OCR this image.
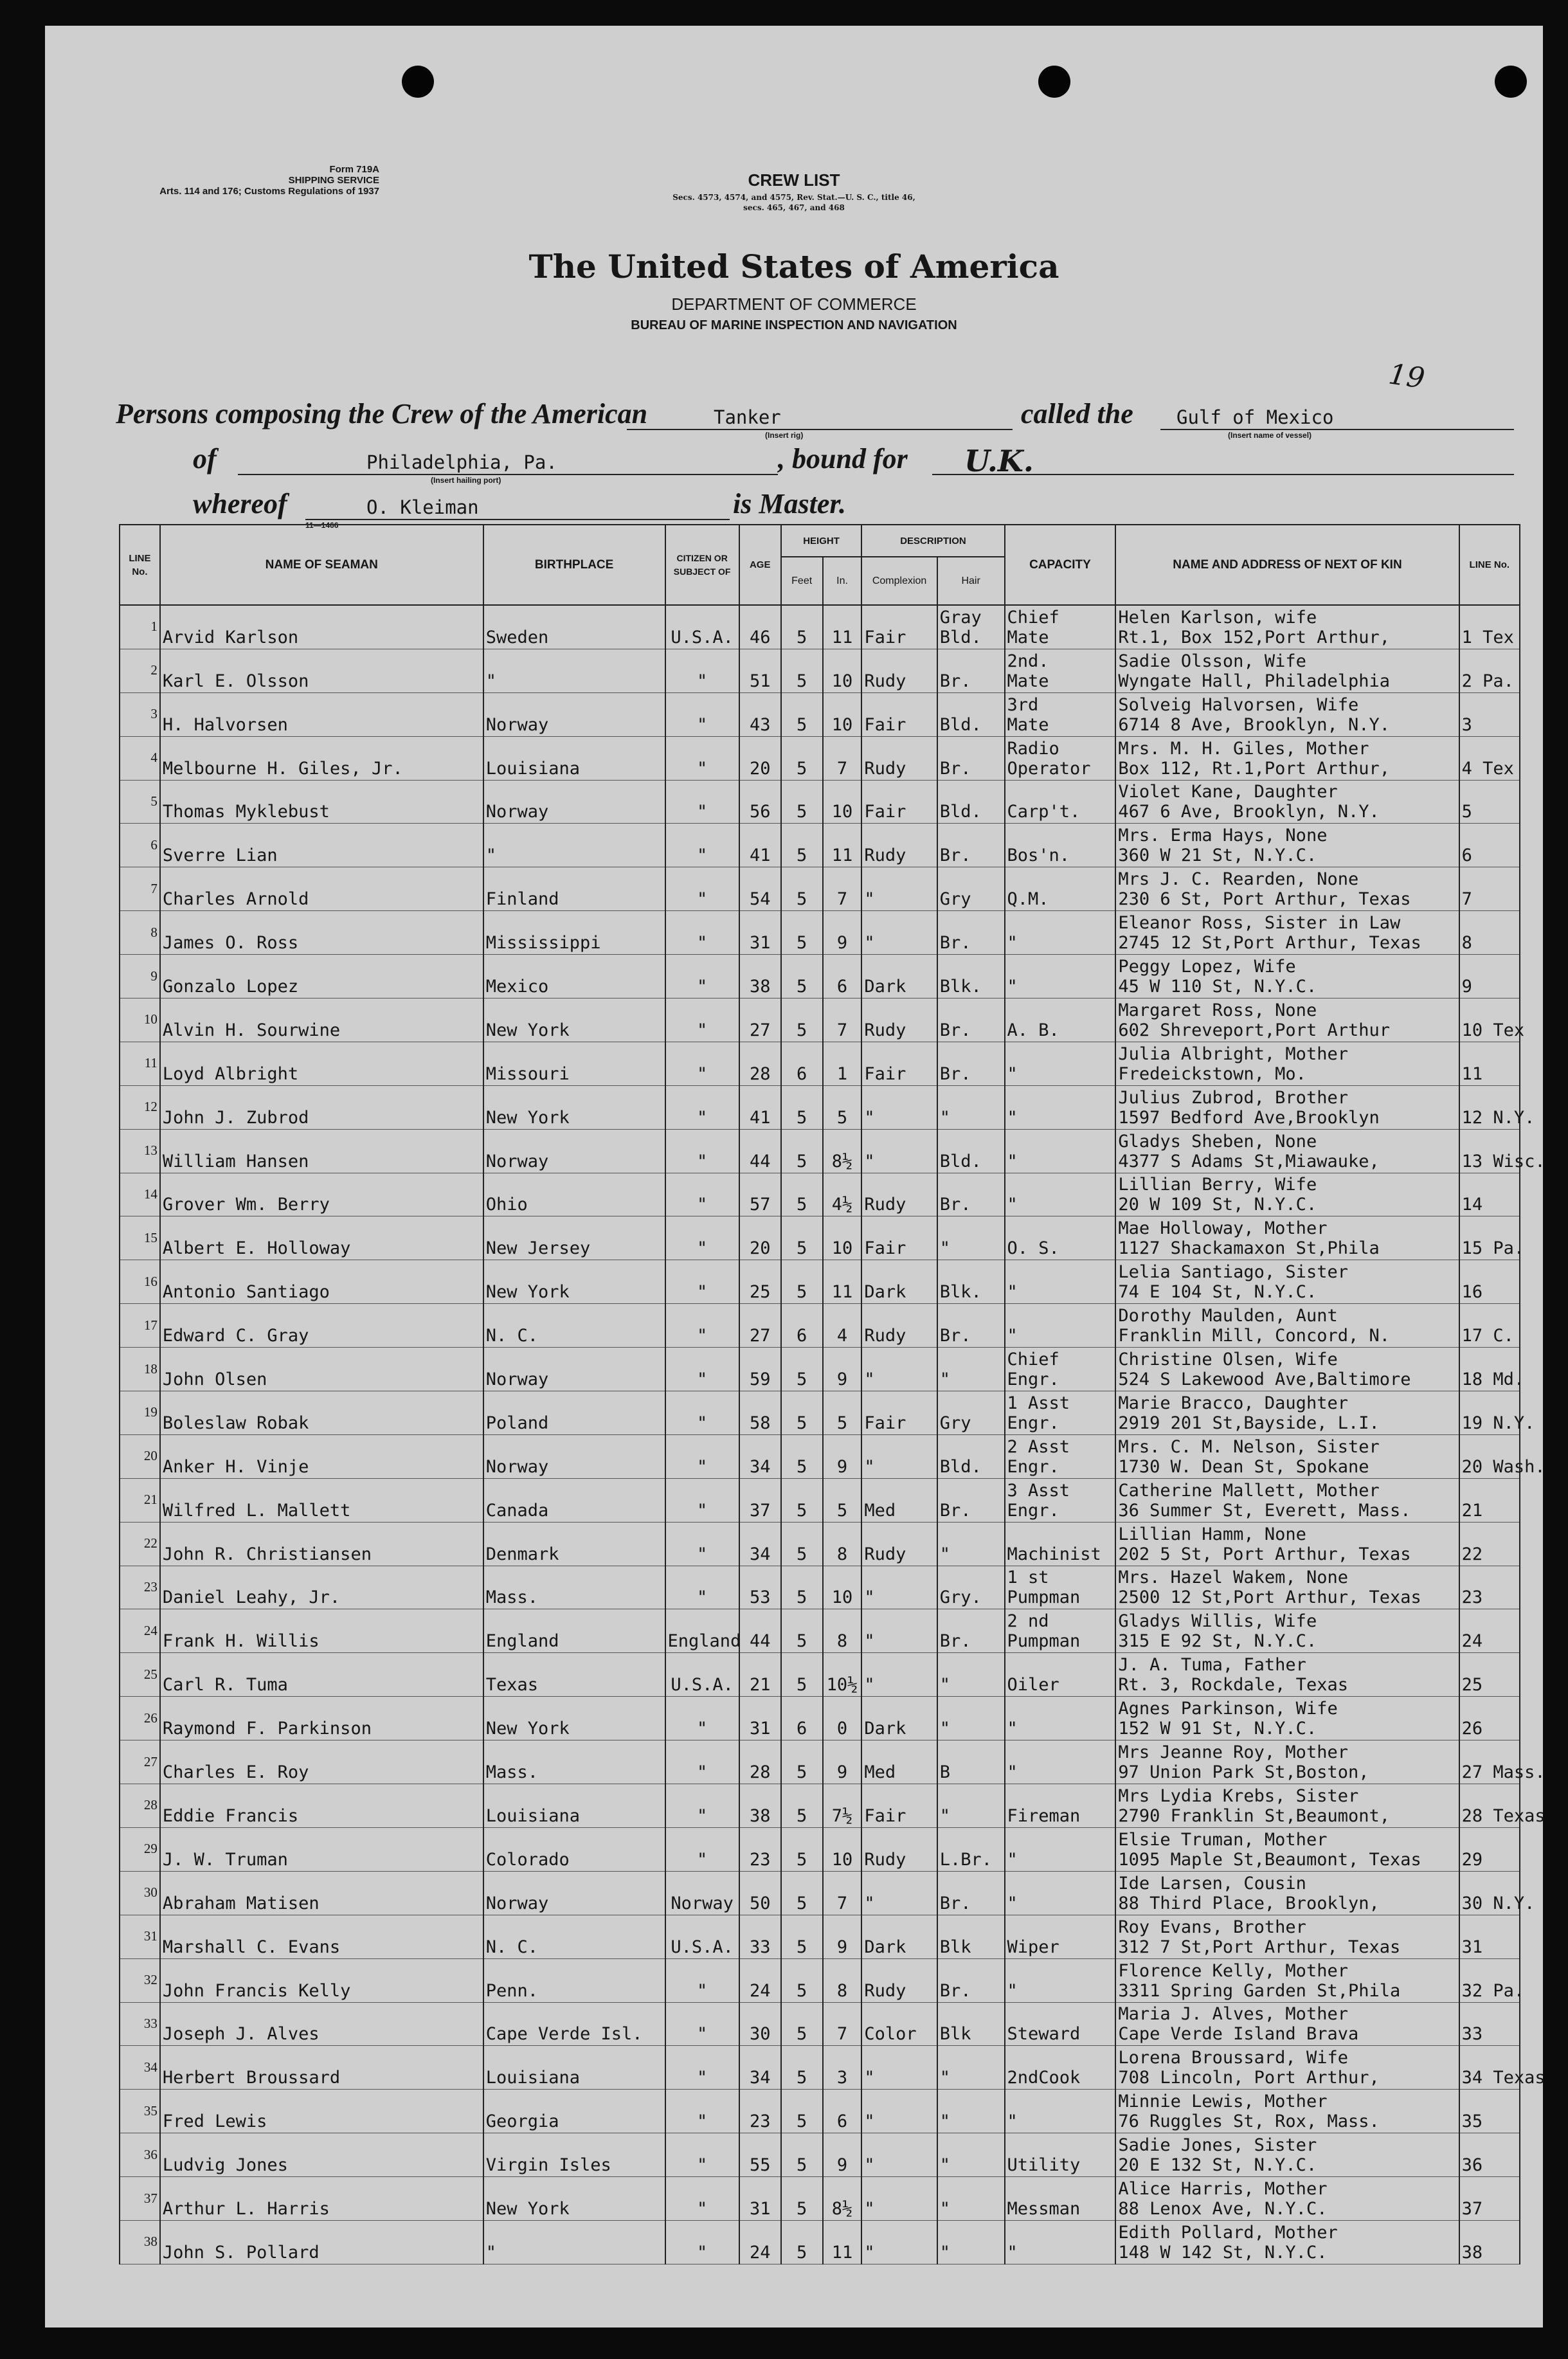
Form 719A
SHIPPING SERVICE
Arts. 114 and 176; Customs Regulations of 1937
CREW LIST
Secs. 4573, 4574, and 4575, Rev. Stat.—U. S. C., title 46,
secs. 465, 467, and 468
The United States of America
DEPARTMENT OF COMMERCE
BUREAU OF MARINE INSPECTION AND NAVIGATION
19
Persons composing the Crew of the American	Tanker
(Insert rig)
called the Gulf of Mexico
(Insert name of vessel)
of	Philadelphia, Pa.
(Insert hailing port)
, bound for U.K.
whereof	O. Kleiman
11—1466
is Master.
LINE No.	NAME OF SEAMAN	BIRTHPLACE	CITIZEN OR SUBJECT OF	AGE	HEIGHT		DESCRIPTION		CAPACITY	NAME AND ADDRESS OF NEXT OF KIN	LINE No.
					Feet	In.	Complexion	Hair			
1	Arvid Karlson	Sweden	U.S.A.	46	5	11	Fair	Gray
Bld.	Chief
Mate	Helen Karlson, wife
Rt.1, Box 152,Port Arthur,	1 Tex
2	Karl E. Olsson	"	"	51	5	10	Rudy	Br.	2nd.
Mate	Sadie Olsson, Wife
Wyngate Hall, Philadelphia	2 Pa.
3	H. Halvorsen	Norway	"	43	5	10	Fair	Bld.	3rd
Mate	Solveig Halvorsen, Wife
6714 8 Ave, Brooklyn, N.Y.	3
4	Melbourne H. Giles, Jr.	Louisiana	"	20	5	7	Rudy	Br.	Radio
Operator	Mrs. M. H. Giles, Mother
Box 112, Rt.1,Port Arthur,	4 Tex
5	Thomas Myklebust	Norway	"	56	5	10	Fair	Bld.	Carp't.	Violet Kane, Daughter
467 6 Ave, Brooklyn, N.Y.	5
6	Sverre Lian	"	"	41	5	11	Rudy	Br.	Bos'n.	Mrs. Erma Hays, None
360 W 21 St, N.Y.C.	6
7	Charles Arnold	Finland	"	54	5	7	"	Gry	Q.M.	Mrs J. C. Rearden, None
230 6 St, Port Arthur, Texas	7
8	James O. Ross	Mississippi	"	31	5	9	"	Br.	"	Eleanor Ross, Sister in Law
2745 12 St,Port Arthur, Texas	8
9	Gonzalo Lopez	Mexico	"	38	5	6	Dark	Blk.	"	Peggy Lopez, Wife
45 W 110 St, N.Y.C.	9
10	Alvin H. Sourwine	New York	"	27	5	7	Rudy	Br.	A. B.	Margaret Ross, None
602 Shreveport,Port Arthur	10 Tex
11	Loyd Albright	Missouri	"	28	6	1	Fair	Br.	"	Julia Albright, Mother
Fredeickstown, Mo.	11
12	John J. Zubrod	New York	"	41	5	5	"	"	"	Julius Zubrod, Brother
1597 Bedford Ave,Brooklyn	12 N.Y.
13	William Hansen	Norway	"	44	5	8½	"	Bld.	"	Gladys Sheben, None
4377 S Adams St,Miawauke,	13 Wisc.
14	Grover Wm. Berry	Ohio	"	57	5	4½	Rudy	Br.	"	Lillian Berry, Wife
20 W 109 St, N.Y.C.	14
15	Albert E. Holloway	New Jersey	"	20	5	10	Fair	"	O. S.	Mae Holloway, Mother
1127 Shackamaxon St,Phila	15 Pa.
16	Antonio Santiago	New York	"	25	5	11	Dark	Blk.	"	Lelia Santiago, Sister
74 E 104 St, N.Y.C.	16
17	Edward C. Gray	N. C.	"	27	6	4	Rudy	Br.	"	Dorothy Maulden, Aunt
Franklin Mill, Concord, N.	17 C.
18	John Olsen	Norway	"	59	5	9	"	"	Chief
Engr.	Christine Olsen, Wife
524 S Lakewood Ave,Baltimore	18 Md.
19	Boleslaw Robak	Poland	"	58	5	5	Fair	Gry	1 Asst
Engr.	Marie Bracco, Daughter
2919 201 St,Bayside, L.I.	19 N.Y.
20	Anker H. Vinje	Norway	"	34	5	9	"	Bld.	2 Asst
Engr.	Mrs. C. M. Nelson, Sister
1730 W. Dean St, Spokane	20 Wash.
21	Wilfred L. Mallett	Canada	"	37	5	5	Med	Br.	3 Asst
Engr.	Catherine Mallett, Mother
36 Summer St, Everett, Mass.	21
22	John R. Christiansen	Denmark	"	34	5	8	Rudy	"	Machinist	Lillian Hamm, None
202 5 St, Port Arthur, Texas	22
23	Daniel Leahy, Jr.	Mass.	"	53	5	10	"	Gry.	1 st
Pumpman	Mrs. Hazel Wakem, None
2500 12 St,Port Arthur, Texas	23
24	Frank H. Willis	England	England	44	5	8	"	Br.	2 nd
Pumpman	Gladys Willis, Wife
315 E 92 St, N.Y.C.	24
25	Carl R. Tuma	Texas	U.S.A.	21	5	10½	"	"	Oiler	J. A. Tuma, Father
Rt. 3, Rockdale, Texas	25
26	Raymond F. Parkinson	New York	"	31	6	0	Dark	"	"	Agnes Parkinson, Wife
152 W 91 St, N.Y.C.	26
27	Charles E. Roy	Mass.	"	28	5	9	Med	B	"	Mrs Jeanne Roy, Mother
97 Union Park St,Boston,	27 Mass.
28	Eddie Francis	Louisiana	"	38	5	7½	Fair	"	Fireman	Mrs Lydia Krebs, Sister
2790 Franklin St,Beaumont,	28 Texas
29	J. W. Truman	Colorado	"	23	5	10	Rudy	L.Br.	"	Elsie Truman, Mother
1095 Maple St,Beaumont, Texas	29
30	Abraham Matisen	Norway	Norway	50	5	7	"	Br.	"	Ide Larsen, Cousin
88 Third Place, Brooklyn,	30 N.Y.
31	Marshall C. Evans	N. C.	U.S.A.	33	5	9	Dark	Blk	Wiper	Roy Evans, Brother
312 7 St,Port Arthur, Texas	31
32	John Francis Kelly	Penn.	"	24	5	8	Rudy	Br.	"	Florence Kelly, Mother
3311 Spring Garden St,Phila	32 Pa.
33	Joseph J. Alves	Cape Verde Isl.	"	30	5	7	Color	Blk	Steward	Maria J. Alves, Mother
Cape Verde Island Brava	33
34	Herbert Broussard	Louisiana	"	34	5	3	"	"	2ndCook	Lorena Broussard, Wife
708 Lincoln, Port Arthur,	34 Texas
35	Fred Lewis	Georgia	"	23	5	6	"	"	"	Minnie Lewis, Mother
76 Ruggles St, Rox, Mass.	35
36	Ludvig Jones	Virgin Isles	"	55	5	9	"	"	Utility	Sadie Jones, Sister
20 E 132 St, N.Y.C.	36
37	Arthur L. Harris	New York	"	31	5	8½	"	"	Messman	Alice Harris, Mother
88 Lenox Ave, N.Y.C.	37
38	John S. Pollard	"	"	24	5	11	"	"	"	Edith Pollard, Mother
148 W 142 St, N.Y.C.	38
